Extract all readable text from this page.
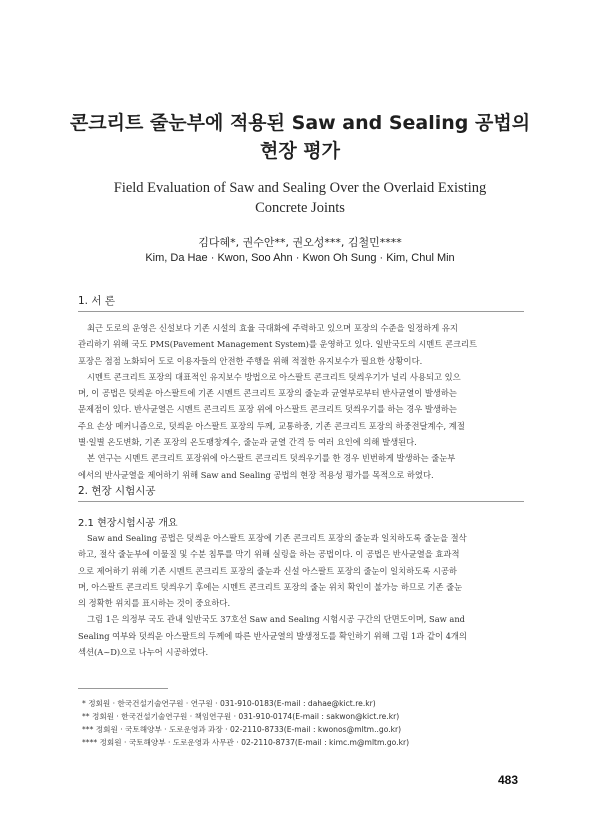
콘크리트 줄눈부에 적용된 Saw and Sealing 공법의
현장 평가
Field Evaluation of Saw and Sealing Over the Overlaid Existing
Concrete Joints
김다혜*, 권수안**, 권오성***, 김철민****
Kim, Da Hae · Kwon, Soo Ahn · Kwon Oh Sung · Kim, Chul Min
1. 서 론
최근 도로의 운영은 신설보다 기존 시설의 효율 극대화에 주력하고 있으며 포장의 수준을 일정하게 유지
관리하기 위해 국도 PMS(Pavement Management System)를 운영하고 있다. 일반국도의 시멘트 콘크리트
포장은 점점 노화되어 도로 이용자들의 안전한 주행을 위해 적절한 유지보수가 필요한 상황이다.
시멘트 콘크리트 포장의 대표적인 유지보수 방법으로 아스팔트 콘크리트 덧씌우기가 널리 사용되고 있으
며, 이 공법은 덧씌운 아스팔트에 기존 시멘트 콘크리트 포장의 줄눈과 균열부로부터 반사균열이 발생하는
문제점이 있다. 반사균열은 시멘트 콘크리트 포장 위에 아스팔트 콘크리트 덧씌우기를 하는 경우 발생하는
주요 손상 메커니즘으로, 덧씌운 아스팔트 포장의 두께, 교통하중, 기존 콘크리트 포장의 하중전달계수, 계절
별·일별 온도변화, 기존 포장의 온도팽창계수, 줄눈과 균열 간격 등 여러 요인에 의해 발생된다.
본 연구는 시멘트 콘크리트 포장위에 아스팔트 콘크리트 덧씌우기를 한 경우 빈번하게 발생하는 줄눈부
에서의 반사균열을 제어하기 위해 Saw and Sealing 공법의 현장 적용성 평가를 목적으로 하였다.
2. 현장 시험시공
2.1 현장시험시공 개요
Saw and Sealing 공법은 덧씌운 아스팔트 포장에 기존 콘크리트 포장의 줄눈과 일치하도록 줄눈을 절삭
하고, 절삭 줄눈부에 이물질 및 수분 침투를 막기 위해 실링을 하는 공법이다. 이 공법은 반사균열을 효과적
으로 제어하기 위해 기존 시멘트 콘크리트 포장의 줄눈과 신설 아스팔트 포장의 줄눈이 일치하도록 시공하
며, 아스팔트 콘크리트 덧씌우기 후에는 시멘트 콘크리트 포장의 줄눈 위치 확인이 불가능 하므로 기존 줄눈
의 정확한 위치를 표시하는 것이 중요하다.
그림 1은 의정부 국도 관내 일반국도 37호선 Saw and Sealing 시험시공 구간의 단면도이며, Saw and
Sealing 여부와 덧씌운 아스팔트의 두께에 따른 반사균열의 발생정도를 확인하기 위해 그림 1과 같이 4개의
섹션(A~D)으로 나누어 시공하였다.
* 정회원 · 한국건설기술연구원 · 연구원 · 031-910-0183(E-mail : dahae@kict.re.kr)
** 정회원 · 한국건설기술연구원 · 책임연구원 · 031-910-0174(E-mail : sakwon@kict.re.kr)
*** 정회원 · 국토해양부 · 도로운영과 과장 · 02-2110-8733(E-mail : kwonos@mltm..go.kr)
**** 정회원 · 국토해양부 · 도로운영과 사무관 · 02-2110-8737(E-mail : kimc.m@mltm.go.kr)
483
